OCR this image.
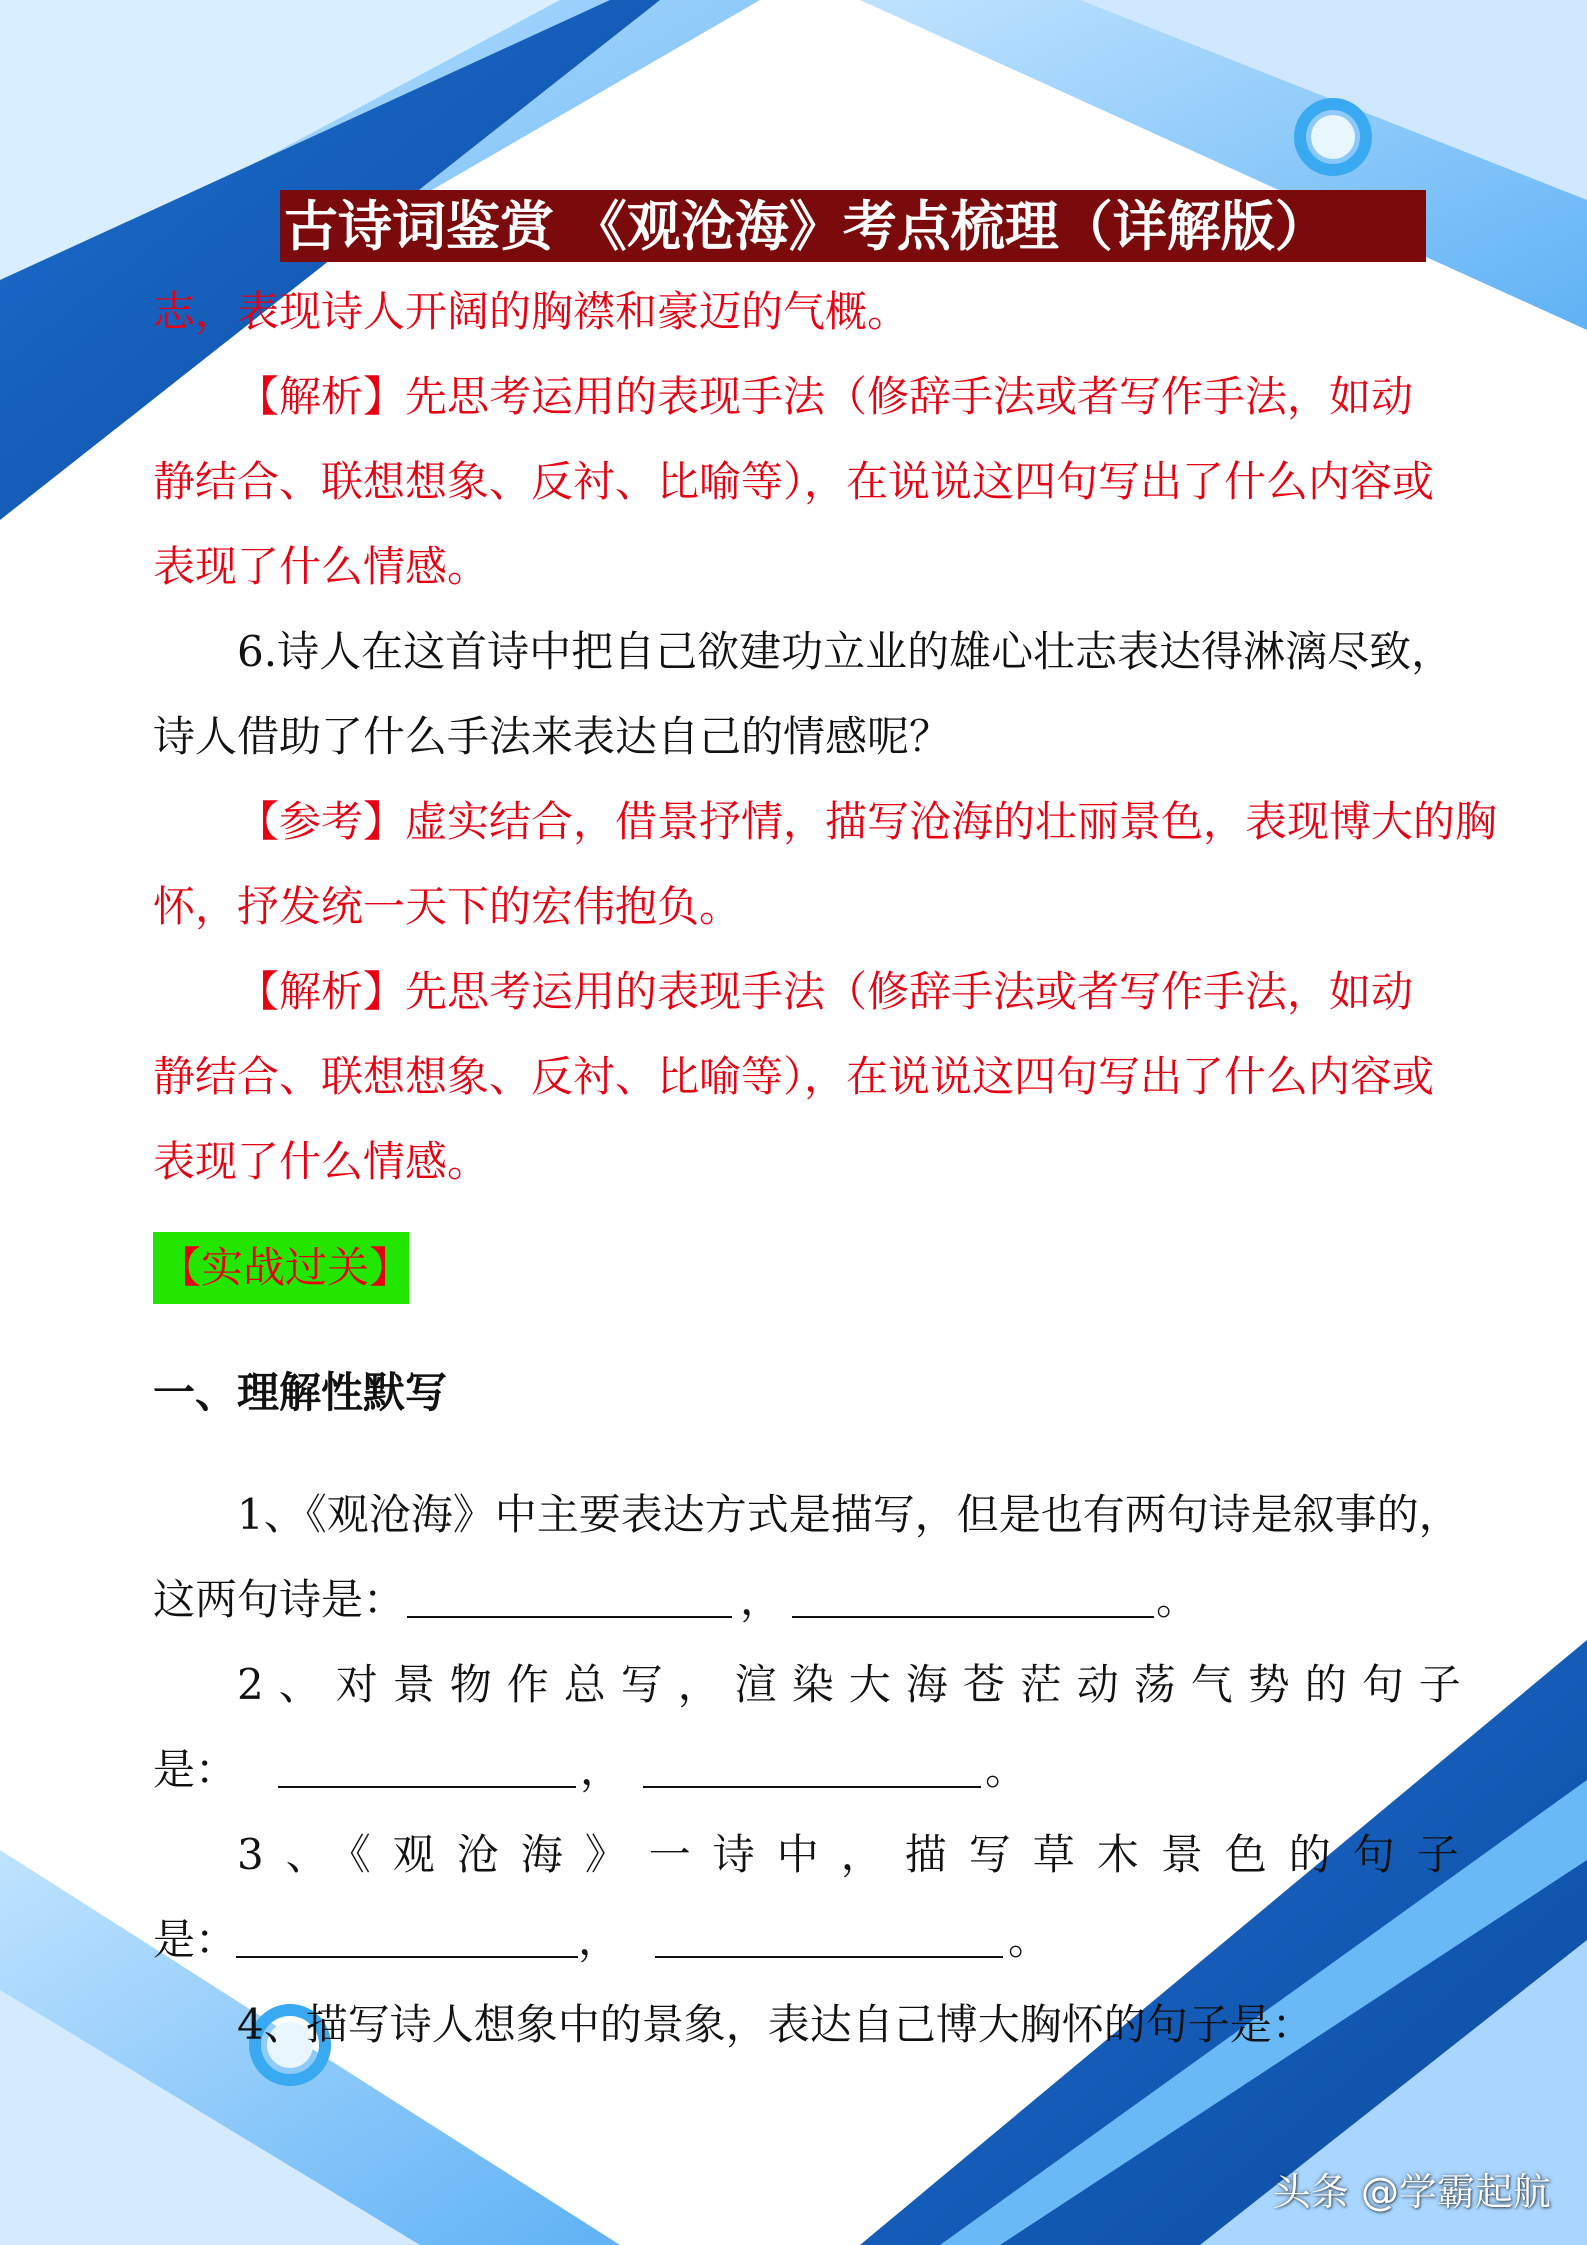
古诗词鉴赏 《观沧海》考点梳理（详解版）
志，表现诗人开阔的胸襟和豪迈的气概。
【解析】先思考运用的表现手法（修辞手法或者写作手法，如动
静结合、联想想象、反衬、比喻等），在说说这四句写出了什么内容或
表现了什么情感。
6.诗人在这首诗中把自己欲建功立业的雄心壮志表达得淋漓尽致，
诗人借助了什么手法来表达自己的情感呢？
【参考】虚实结合，借景抒情，描写沧海的壮丽景色，表现博大的胸
怀，抒发统一天下的宏伟抱负。
【解析】先思考运用的表现手法（修辞手法或者写作手法，如动
静结合、联想想象、反衬、比喻等），在说说这四句写出了什么内容或
表现了什么情感。
【实战过关】
一、理解性默写
1、《观沧海》中主要表达方式是描写，但是也有两句诗是叙事的，
这两句诗是：	，	。
2、对景物作总写，渲染大海苍茫动荡气势的句子
是：	，	。
3、《观沧海》一诗中，描写草木景色的句子
是：	，	。
4、描写诗人想象中的景象，表达自己博大胸怀的句子是：
头条 @学霸起航
